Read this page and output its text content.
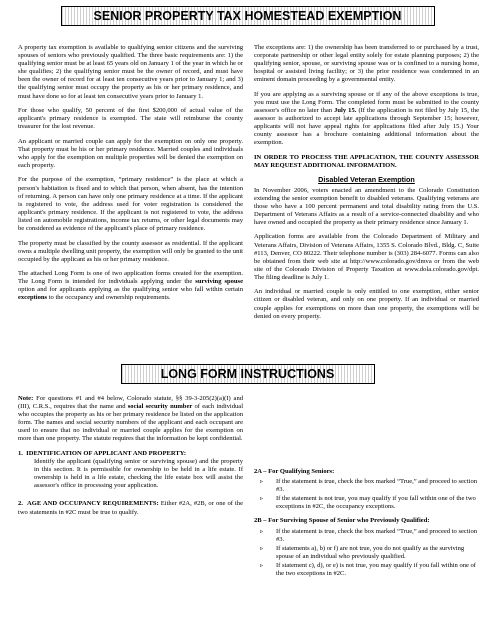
SENIOR PROPERTY TAX HOMESTEAD EXEMPTION

A property tax exemption is available to qualifying senior citizens and the surviving spouses of seniors who previously qualified. The three basic requirements are: 1) the qualifying senior must be at least 65 years old on January 1 of the year in which he or she qualifies; 2) the qualifying senior must be the owner of record, and must have been the owner of record for at least ten consecutive years prior to January 1; and 3) the qualifying senior must occupy the property as his or her primary residence, and must have done so for at least ten consecutive years prior to January 1.

For those who qualify, 50 percent of the first $200,000 of actual value of the applicant's primary residence is exempted. The state will reimburse the county treasurer for the lost revenue.

An applicant or married couple can apply for the exemption on only one property. That property must be his or her primary residence. Married couples and individuals who apply for the exemption on multiple properties will be denied the exemption on each property.

For the purpose of the exemption, “primary residence” is the place at which a person's habitation is fixed and to which that person, when absent, has the intention of returning. A person can have only one primary residence at a time. If the applicant is registered to vote, the address used for voter registration is considered the applicant's primary residence. If the applicant is not registered to vote, the address listed on automobile registrations, income tax returns, or other legal documents may be considered as evidence of the applicant's place of primary residence.

The property must be classified by the county assessor as residential. If the applicant owns a multiple dwelling unit property, the exemption will only be granted to the unit occupied by the applicant as his or her primary residence.

The attached Long Form is one of two application forms created for the exemption. The Long Form is intended for individuals applying under the surviving spouse option and for applicants applying as the qualifying senior who fall within certain exceptions to the occupancy and ownership requirements.

The exceptions are: 1) the ownership has been transferred to or purchased by a trust, corporate partnership or other legal entity solely for estate planning purposes; 2) the qualifying senior, spouse, or surviving spouse was or is confined to a nursing home, hospital or assisted living facility; or 3) the prior residence was condemned in an eminent domain proceeding by a governmental entity.

If you are applying as a surviving spouse or if any of the above exceptions is true, you must use the Long Form. The completed form must be submitted to the county assessor's office no later than July 15. (If the application is not filed by July 15, the assessor is authorized to accept late applications through September 15; however, applicants will not have appeal rights for applications filed after July 15.) Your county assessor has a brochure containing additional information about the exemption.

IN ORDER TO PROCESS THE APPLICATION, THE COUNTY ASSESSOR MAY REQUEST ADDITIONAL INFORMATION.

Disabled Veteran Exemption

In November 2006, voters enacted an amendment to the Colorado Constitution extending the senior exemption benefit to disabled veterans. Qualifying veterans are those who have a 100 percent permanent and total disability rating from the U.S. Department of Veterans Affairs as a result of a service-connected disability and who have owned and occupied the property as their primary residence since January 1.

Application forms are available from the Colorado Department of Military and Veterans Affairs, Division of Veterans Affairs, 1355 S. Colorado Blvd., Bldg. C, Suite #113, Denver, CO 80222. Their telephone number is (303) 284-6077. Forms can also be obtained from their web site at http://www.colorado.gov/dmva or from the web site of the Colorado Division of Property Taxation at www.dola.colorado.gov/dpt. The filing deadline is July 1.

An individual or married couple is only entitled to one exemption, either senior citizen or disabled veteran, and only on one property. If an individual or married couple applies for exemptions on more than one property, the exemptions will be denied on every property.

LONG FORM INSTRUCTIONS

Note: For questions #1 and #4 below, Colorado statute, §§ 39-3-205(2)(a)(I) and (III), C.R.S., requires that the name and social security number of each individual who occupies the property as his or her primary residence be listed on the application form. The names and social security numbers of the applicant and each occupant are used to ensure that no individual or married couple applies for the exemption on more than one property. The statute requires that the information be kept confidential.

1.  IDENTIFICATION OF APPLICANT AND PROPERTY:
Identify the applicant (qualifying senior or surviving spouse) and the property in this section. It is permissible for ownership to be held in a life estate. If ownership is held in a life estate, checking the life estate box will assist the assessor's office in processing your application.
2.  AGE AND OCCUPANCY REQUIREMENTS: Either #2A, #2B, or one of the two statements in #2C must be true to qualify.
2A – For Qualifying Seniors:
▹ If the statement is true, check the box marked “True,” and proceed to section #3.
▹ If the statement is not true, you may qualify if you fall within one of the two exceptions in #2C, the occupancy exceptions.
2B – For Surviving Spouse of Senior who Previously Qualified:
▹ If the statement is true, check the box marked “True,” and proceed to section #3.
▹ If statements a), b) or f) are not true, you do not qualify as the surviving spouse of an individual who previously qualified.
▹ If statement c), d), or e) is not true, you may qualify if you fall within one of the two exceptions in #2C.
